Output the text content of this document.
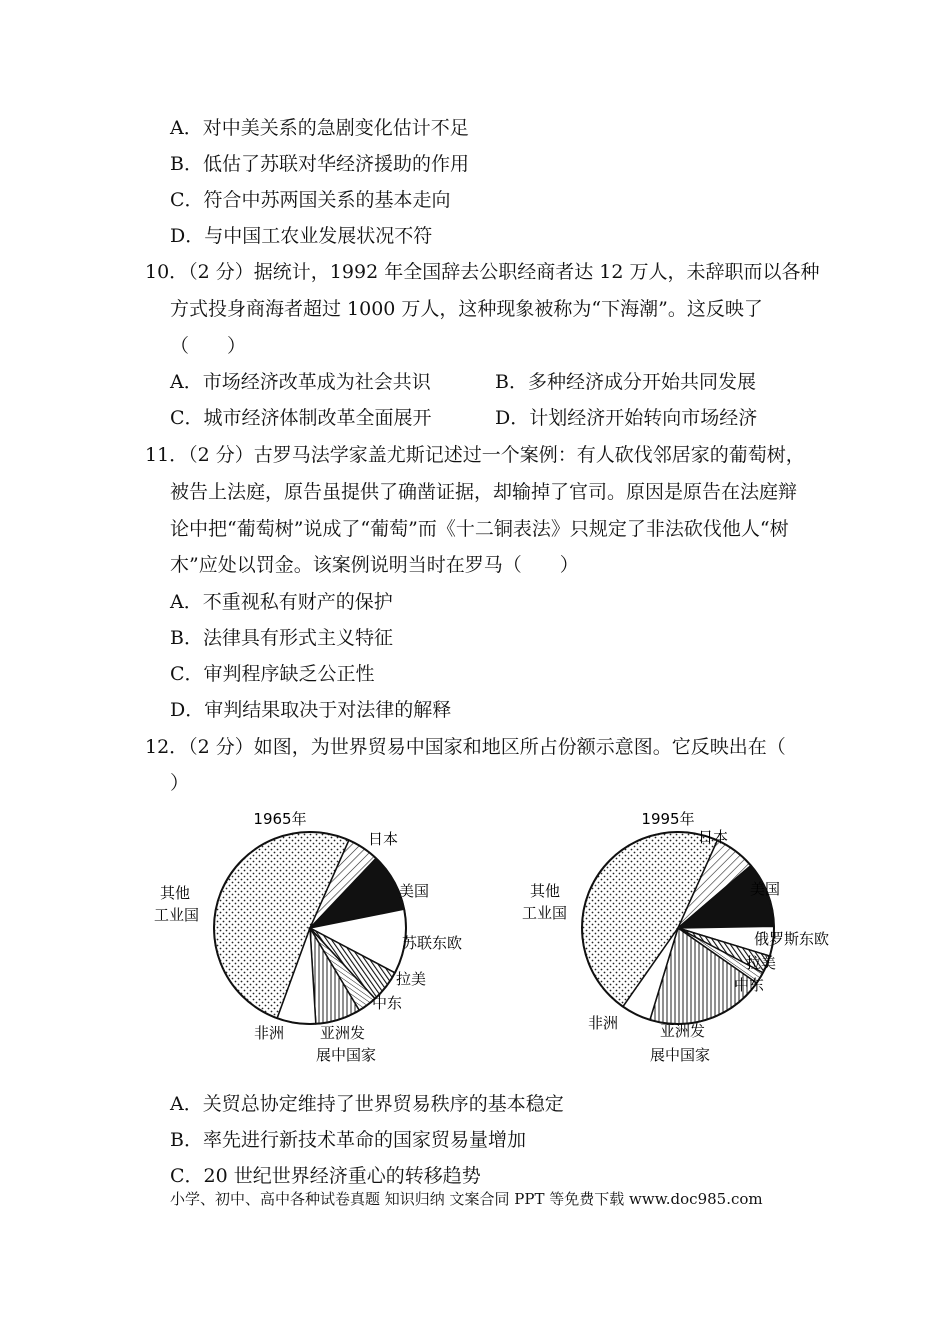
A．对中美关系的急剧变化估计不足
B．低估了苏联对华经济援助的作用
C．符合中苏两国关系的基本走向
D．与中国工农业发展状况不符
10．（2 分）据统计，1992 年全国辞去公职经商者达 12 万人，未辞职而以各种
方式投身商海者超过 1000 万人，这种现象被称为“下海潮”。这反映了
（　　）
A．市场经济改革成为社会共识	B．多种经济成分开始共同发展
C．城市经济体制改革全面展开	D．计划经济开始转向市场经济
11．（2 分）古罗马法学家盖尤斯记述过一个案例：有人砍伐邻居家的葡萄树，
被告上法庭，原告虽提供了确凿证据，却输掉了官司。原因是原告在法庭辩
论中把“葡萄树”说成了“葡萄”而《十二铜表法》只规定了非法砍伐他人“树
木”应处以罚金。该案例说明当时在罗马（　　）
A．不重视私有财产的保护
B．法律具有形式主义特征
C．审判程序缺乏公正性
D．审判结果取决于对法律的解释
12．（2 分）如图，为世界贸易中国家和地区所占份额示意图。它反映出在（
）
1965年
日本
美国
苏联东欧
拉美
中东
亚洲发
展中国家
非洲
其他
工业国
1995年
日本
美国
俄罗斯东欧
拉美
中东
亚洲发
展中国家
非洲
其他
工业国
A．关贸总协定维持了世界贸易秩序的基本稳定
B．率先进行新技术革命的国家贸易量增加
C．20 世纪世界经济重心的转移趋势
小学、初中、高中各种试卷真题 知识归纳 文案合同 PPT 等免费下载 www.doc985.com
